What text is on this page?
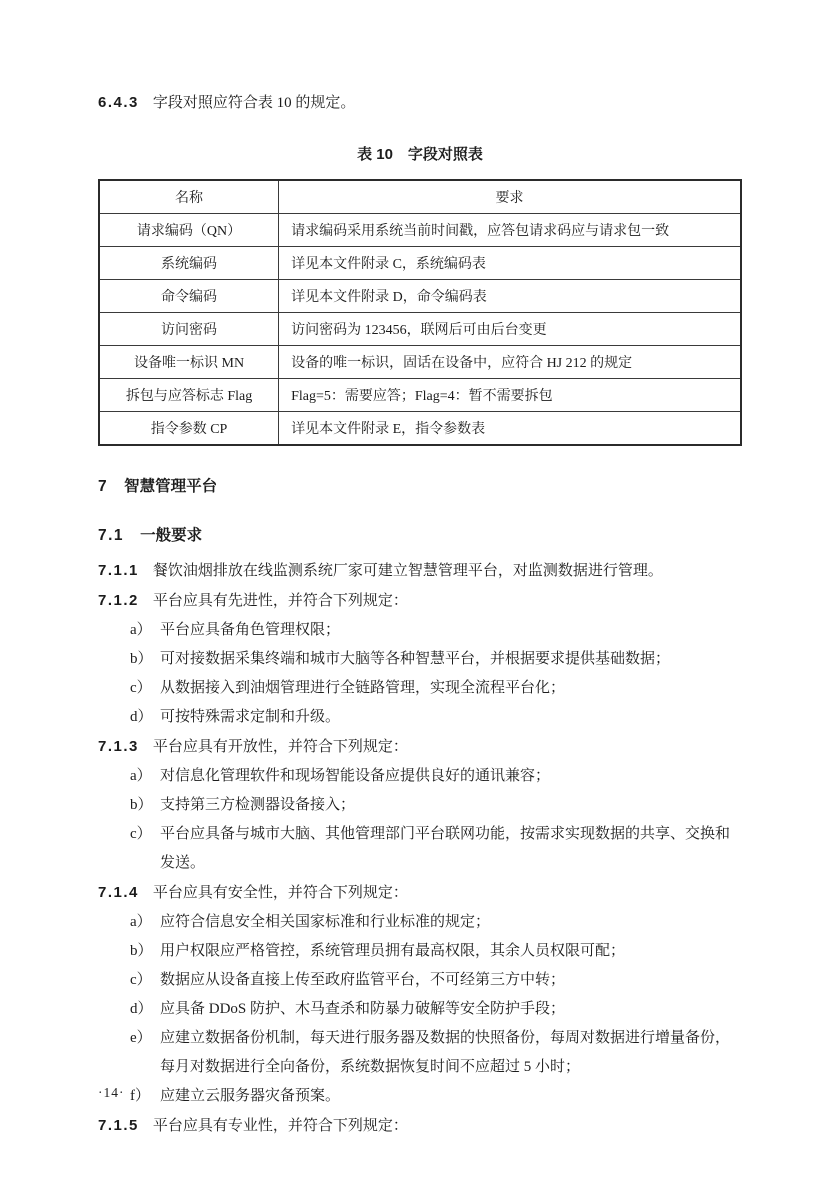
6.4.3 字段对照应符合表 10 的规定。

表 10　字段对照表
名称	要求
请求编码（QN）	请求编码采用系统当前时间戳，应答包请求码应与请求包一致
系统编码	详见本文件附录 C，系统编码表
命令编码	详见本文件附录 D，命令编码表
访问密码	访问密码为 123456，联网后可由后台变更
设备唯一标识 MN	设备的唯一标识，固话在设备中，应符合 HJ 212 的规定
拆包与应答标志 Flag	Flag=5：需要应答；Flag=4：暂不需要拆包
指令参数 CP	详见本文件附录 E，指令参数表
7 智慧管理平台
7.1 一般要求

7.1.1 餐饮油烟排放在线监测系统厂家可建立智慧管理平台，对监测数据进行管理。

7.1.2 平台应具有先进性，并符合下列规定：

a） 平台应具备角色管理权限；
b） 可对接数据采集终端和城市大脑等各种智慧平台，并根据要求提供基础数据；
c） 从数据接入到油烟管理进行全链路管理，实现全流程平台化；
d） 可按特殊需求定制和升级。

7.1.3 平台应具有开放性，并符合下列规定：

a） 对信息化管理软件和现场智能设备应提供良好的通讯兼容；
b） 支持第三方检测器设备接入；
c） 平台应具备与城市大脑、其他管理部门平台联网功能，按需求实现数据的共享、交换和发送。

7.1.4 平台应具有安全性，并符合下列规定：

a） 应符合信息安全相关国家标准和行业标准的规定；
b） 用户权限应严格管控，系统管理员拥有最高权限，其余人员权限可配；
c） 数据应从设备直接上传至政府监管平台，不可经第三方中转；
d） 应具备 DDoS 防护、木马查杀和防暴力破解等安全防护手段；
e） 应建立数据备份机制，每天进行服务器及数据的快照备份，每周对数据进行增量备份，每月对数据进行全向备份，系统数据恢复时间不应超过 5 小时；
f） 应建立云服务器灾备预案。

7.1.5 平台应具有专业性，并符合下列规定：

·14·
